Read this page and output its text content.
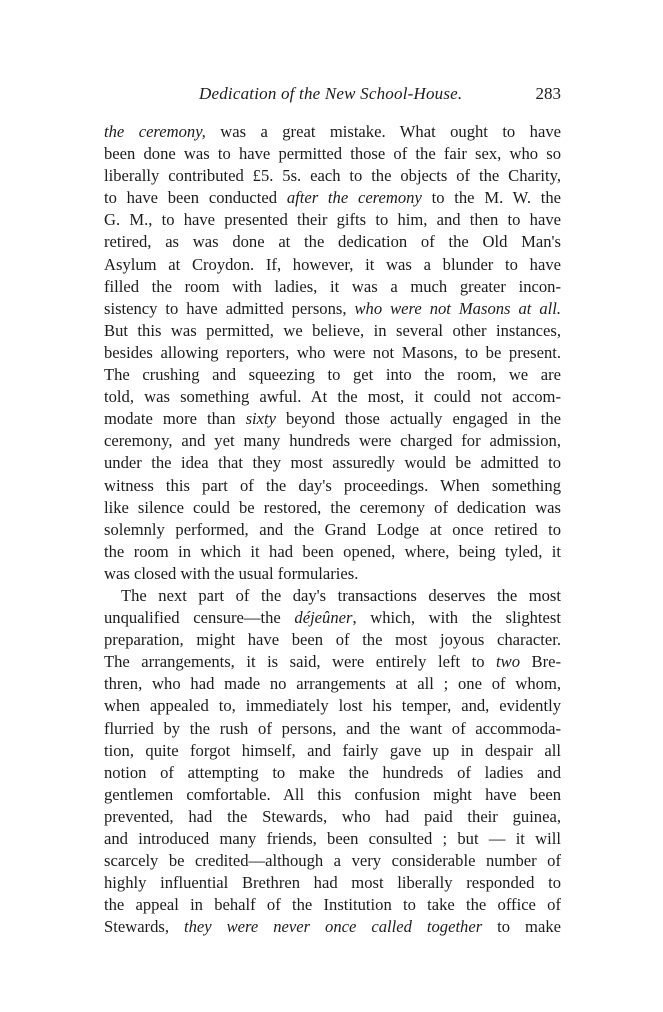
Dedication of the New School-House.	283
the ceremony, was a great mistake. What ought to have
been done was to have permitted those of the fair sex, who so
liberally contributed £5. 5s. each to the objects of the Charity,
to have been conducted after the ceremony to the M. W. the
G. M., to have presented their gifts to him, and then to have
retired, as was done at the dedication of the Old Man's
Asylum at Croydon. If, however, it was a blunder to have
filled the room with ladies, it was a much greater incon-
sistency to have admitted persons, who were not Masons at all.
But this was permitted, we believe, in several other instances,
besides allowing reporters, who were not Masons, to be present.
The crushing and squeezing to get into the room, we are
told, was something awful. At the most, it could not accom-
modate more than sixty beyond those actually engaged in the
ceremony, and yet many hundreds were charged for admission,
under the idea that they most assuredly would be admitted to
witness this part of the day's proceedings. When something
like silence could be restored, the ceremony of dedication was
solemnly performed, and the Grand Lodge at once retired to
the room in which it had been opened, where, being tyled, it
was closed with the usual formularies.
The next part of the day's transactions deserves the most
unqualified censure—the déjeûner, which, with the slightest
preparation, might have been of the most joyous character.
The arrangements, it is said, were entirely left to two Bre-
thren, who had made no arrangements at all ; one of whom,
when appealed to, immediately lost his temper, and, evidently
flurried by the rush of persons, and the want of accommoda-
tion, quite forgot himself, and fairly gave up in despair all
notion of attempting to make the hundreds of ladies and
gentlemen comfortable. All this confusion might have been
prevented, had the Stewards, who had paid their guinea,
and introduced many friends, been consulted ; but — it will
scarcely be credited—although a very considerable number of
highly influential Brethren had most liberally responded to
the appeal in behalf of the Institution to take the office of
Stewards, they were never once called together to make
